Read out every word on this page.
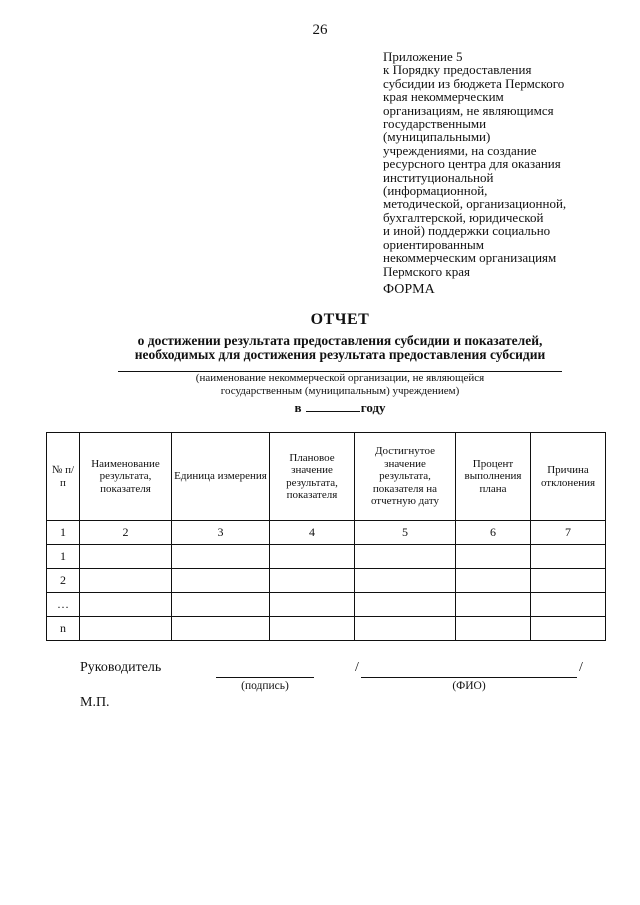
26
Приложение 5
к Порядку предоставления
субсидии из бюджета Пермского
края некоммерческим
организациям, не являющимся
государственными
(муниципальными)
учреждениями, на создание
ресурсного центра для оказания
институциональной
(информационной,
методической, организационной,
бухгалтерской, юридической
и иной) поддержки социально
ориентированным
некоммерческим организациям
Пермского края
ФОРМА
ОТЧЕТ
о достижении результата предоставления субсидии и показателей,
необходимых для достижения результата предоставления субсидии
(наименование некоммерческой организации, не являющейся
государственным (муниципальным) учреждением)
в	году
№ п/п	Наименование результата, показателя	Единица измерения	Плановое значение результата, показателя	Достигнутое значение результата, показателя на отчетную дату	Процент выполнения плана	Причина отклонения
1	2	3	4	5	6	7
1						
2						
…						
n						
Руководитель	/	/
(подпись)	(ФИО)
М.П.
